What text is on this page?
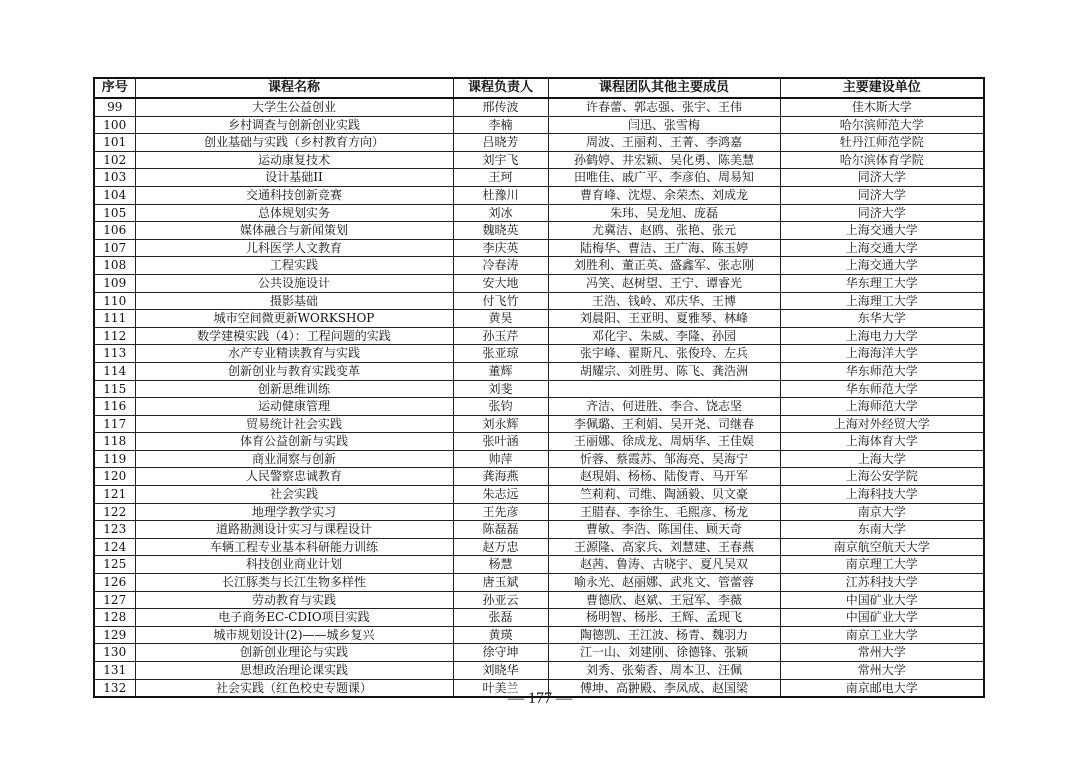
序号	课程名称	课程负责人	课程团队其他主要成员	主要建设单位
99	大学生公益创业	邢传波	许春蕾、郭志强、张宇、王伟	佳木斯大学
100	乡村调查与创新创业实践	李楠	闫迅、张雪梅	哈尔滨师范大学
101	创业基础与实践（乡村教育方向）	吕晓芳	周波、王丽莉、王菁、李鸿嘉	牡丹江师范学院
102	运动康复技术	刘宇飞	孙鹤婷、井宏颖、吴化勇、陈美慧	哈尔滨体育学院
103	设计基础II	王珂	田唯佳、戚广平、李彦伯、周易知	同济大学
104	交通科技创新竞赛	杜豫川	曹育峰、沈煜、余荣杰、刘成龙	同济大学
105	总体规划实务	刘冰	朱玮、吴龙旭、庞磊	同济大学
106	媒体融合与新闻策划	魏晓英	尤冀洁、赵鸥、张艳、张元	上海交通大学
107	儿科医学人文教育	李庆英	陆梅华、曹洁、王广海、陈玉婷	上海交通大学
108	工程实践	冷春涛	刘胜利、董正英、盛鑫军、张志刚	上海交通大学
109	公共设施设计	安大地	冯笑、赵树望、王宁、谭睿光	华东理工大学
110	摄影基础	付飞竹	王浩、钱岭、邓庆华、王博	上海理工大学
111	城市空间微更新WORKSHOP	黄昊	刘晨阳、王亚明、夏雅琴、林峰	东华大学
112	数学建模实践（4）：工程问题的实践	孙玉芹	邓化宇、朱威、李隆、孙园	上海电力大学
113	水产专业精读教育与实践	张亚琼	张宇峰、翟斯凡、张俊玲、左兵	上海海洋大学
114	创新创业与教育实践变革	董辉	胡耀宗、刘胜男、陈飞、龚浩洲	华东师范大学
115	创新思维训练	刘斐		华东师范大学
116	运动健康管理	张钧	齐洁、何进胜、李合、饶志坚	上海师范大学
117	贸易统计社会实践	刘永辉	李佩璐、王利娟、吴开尧、司继春	上海对外经贸大学
118	体育公益创新与实践	张叶涵	王丽娜、徐成龙、周炳华、王佳娱	上海体育大学
119	商业洞察与创新	帅萍	忻蓉、蔡霞苏、邹海亮、吴海宁	上海大学
120	人民警察忠诚教育	龚海燕	赵現娟、杨杨、陆俊青、马开军	上海公安学院
121	社会实践	朱志远	竺莉莉、司维、陶涵毅、贝文豪	上海科技大学
122	地理学教学实习	王先彦	王腊春、李徐生、毛熙彦、杨龙	南京大学
123	道路勘测设计实习与课程设计	陈磊磊	曹敏、李浩、陈国佳、顾天奇	东南大学
124	车辆工程专业基本科研能力训练	赵万忠	王源隆、高家兵、刘慧建、王春燕	南京航空航天大学
125	科技创业商业计划	杨慧	赵茜、鲁涛、古晓宇、夏凡吴双	南京理工大学
126	长江豚类与长江生物多样性	唐玉斌	喻永光、赵丽娜、武兆文、管蕾蓉	江苏科技大学
127	劳动教育与实践	孙亚云	曹德欣、赵斌、王冠军、李薇	中国矿业大学
128	电子商务EC-CDIO项目实践	张磊	杨明智、杨彤、王辉、孟现飞	中国矿业大学
129	城市规划设计(2)——城乡复兴	黄瑛	陶德凯、王江波、杨青、魏羽力	南京工业大学
130	创新创业理论与实践	徐守坤	江一山、刘建刚、徐德锋、张颖	常州大学
131	思想政治理论课实践	刘晓华	刘秀、张菊香、周本卫、汪佩	常州大学
132	社会实践（红色校史专题课）	叶美兰	傅坤、高翀殿、李凤成、赵国梁	南京邮电大学
— 177 —
